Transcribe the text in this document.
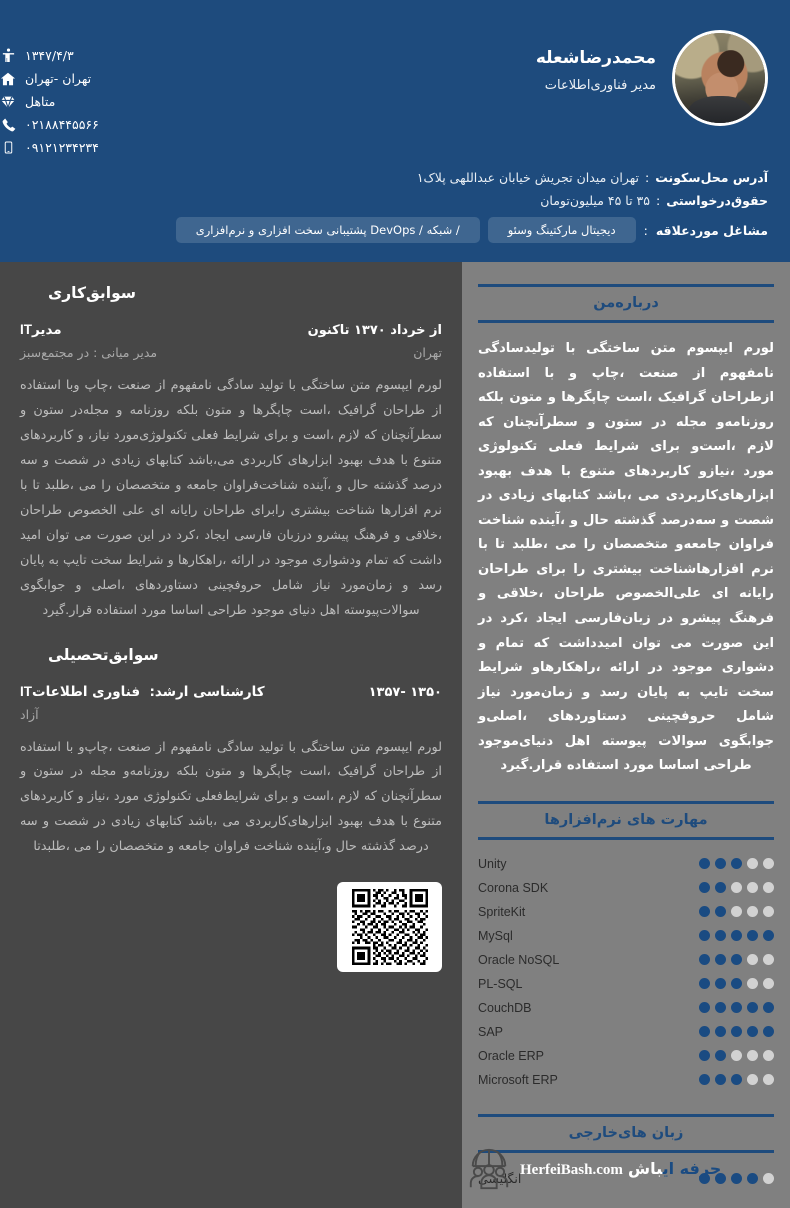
محمدرضاشعله
مدیر فناوری‌اطلاعات
۱۳۴۷/۴/۳
تهران -تهران
متاهل
۰۲۱۸۸۴۴۵۵۶۶
۰۹۱۲۱۲۳۴۲۳۴
آدرس محل‌سکونت
:
تهران میدان تجریش خیابان عبداللهی پلاک۱
حقوق‌درخواستی
:
۳۵ تا ۴۵ میلیون‌تومان
مشاغل موردعلاقه
:
دیجیتال مارکتینگ وسئو
/ شبکه / DevOps پشتیبانی سخت افزاری و نرم‌افزاری
درباره‌من
لورم ایپسوم متن ساختگی با تولیدسادگی نامفهوم از صنعت ،چاپ و با استفاده ازطراحان گرافیک ،است چاپگرها و متون بلکه روزنامه‌و مجله در ستون و سطرآنچنان که لازم ،است‌و برای شرایط فعلی تکنولوژی مورد ،نیازو کاربردهای متنوع با هدف بهبود ابزارهای‌کاربردی می ،باشد کتابهای زیادی در شصت و سه‌درصد گذشته حال و ،آینده شناخت فراوان جامعه‌و متخصصان را می ،طلبد تا با نرم افزارهاشناخت بیشتری را برای طراحان رایانه ای علی‌الخصوص طراحان ،خلاقی و فرهنگ پیشرو در زبان‌فارسی ایجاد ،کرد در این صورت می توان امیدداشت که تمام و دشواری موجود در ارائه ،راهکارهاو شرایط سخت تایپ به پایان رسد و زمان‌مورد نیاز شامل حروفچینی دستاوردهای ،اصلی‌و جوابگوی سوالات پیوسته اهل دنیای‌موجود طراحی اساسا مورد استفاده قرار.گیرد
مهارت های نرم‌افزارها
Unity
Corona SDK
SpriteKit
MySql
Oracle NoSQL
PL-SQL
CouchDB
SAP
Oracle ERP
Microsoft ERP
زبان های‌خارجی
انگلیسی
سوابق‌کاری
از خرداد ۱۳۷۰ تاکنون
مدیرIT
تهران
مدیر میانی : در مجتمع‌سبز
لورم ایپسوم متن ساختگی با تولید سادگی نامفهوم از صنعت ،چاپ و‌با استفاده از طراحان گرافیک ،است چاپگرها و متون بلکه روزنامه و مجله‌در ستون و سطرآنچنان که لازم ،است و برای شرایط فعلی تکنولوژی‌مورد نیاز، و کاربردهای متنوع با هدف بهبود ابزارهای کاربردی می،باشد کتابهای زیادی در شصت و سه درصد گذشته حال و ،آینده شناخت‌فراوان جامعه و متخصصان را می ،طلبد تا با نرم افزارها شناخت بیشتری را‌برای طراحان رایانه ای علی الخصوص طراحان ،خلاقی و فرهنگ پیشرو در‌زبان فارسی ایجاد ،کرد در این صورت می توان امید داشت که تمام و‌دشواری موجود در ارائه ،راهکارها و شرایط سخت تایپ به پایان رسد و زمان‌مورد نیاز شامل حروفچینی دستاوردهای ،اصلی و جوابگوی سوالات‌پیوسته اهل دنیای موجود طراحی اساسا مورد استفاده قرار.گیرد
سوابق‌تحصیلی
۱۳۵۰ -۱۳۵۷
کارشناسی ارشد:  فناوری اطلاعاتIT
آزاد
لورم ایپسوم متن ساختگی با تولید سادگی نامفهوم از صنعت ،چاپ‌و با استفاده از طراحان گرافیک ،است چاپگرها و متون بلکه روزنامه‌و مجله در ستون و سطرآنچنان که لازم ،است و برای شرایط‌فعلی تکنولوژی مورد ،نیاز و کاربردهای متنوع با هدف بهبود ابزارهای‌کاربردی می ،باشد کتابهای زیادی در شصت و سه درصد گذشته حال و،آینده شناخت فراوان جامعه و متخصصان را می ،طلبدتا
حرفه ایباش HerfeiBash.com
